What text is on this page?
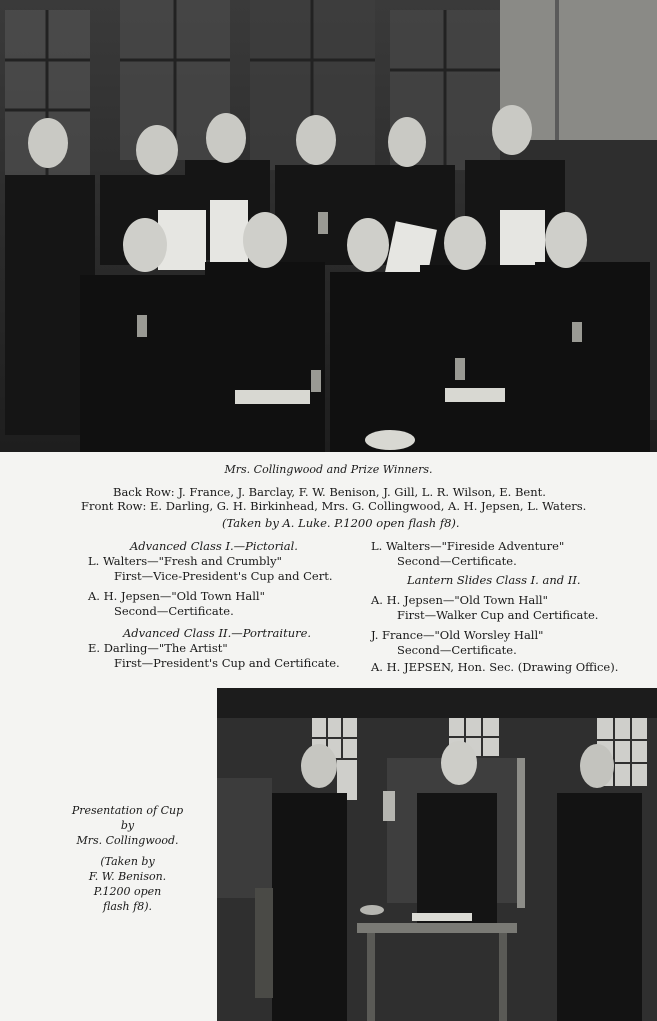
Mrs. Collingwood and Prize Winners.
Back Row: J. France, J. Barclay, F. W. Benison, J. Gill, L. R. Wilson, E. Bent.
Front Row: E. Darling, G. H. Birkinhead, Mrs. G. Collingwood, A. H. Jepsen, L. Waters.
(Taken by A. Luke. P.1200 open flash f8).
Advanced Class I.—Pictorial.
L. Walters—"Fresh and Crumbly"
First—Vice-President's Cup and Cert.
A. H. Jepsen—"Old Town Hall"
Second—Certificate.
Advanced Class II.—Portraiture.
E. Darling—"The Artist"
First—President's Cup and Certificate.
L. Walters—"Fireside Adventure"
Second—Certificate.
Lantern Slides Class I. and II.
A. H. Jepsen—"Old Town Hall"
First—Walker Cup and Certificate.
J. France—"Old Worsley Hall"
Second—Certificate.
A. H. JEPSEN, Hon. Sec. (Drawing Office).
Presentation of Cup
by
Mrs. Collingwood.
(Taken by
F. W. Benison.
P.1200 open
flash f8).
